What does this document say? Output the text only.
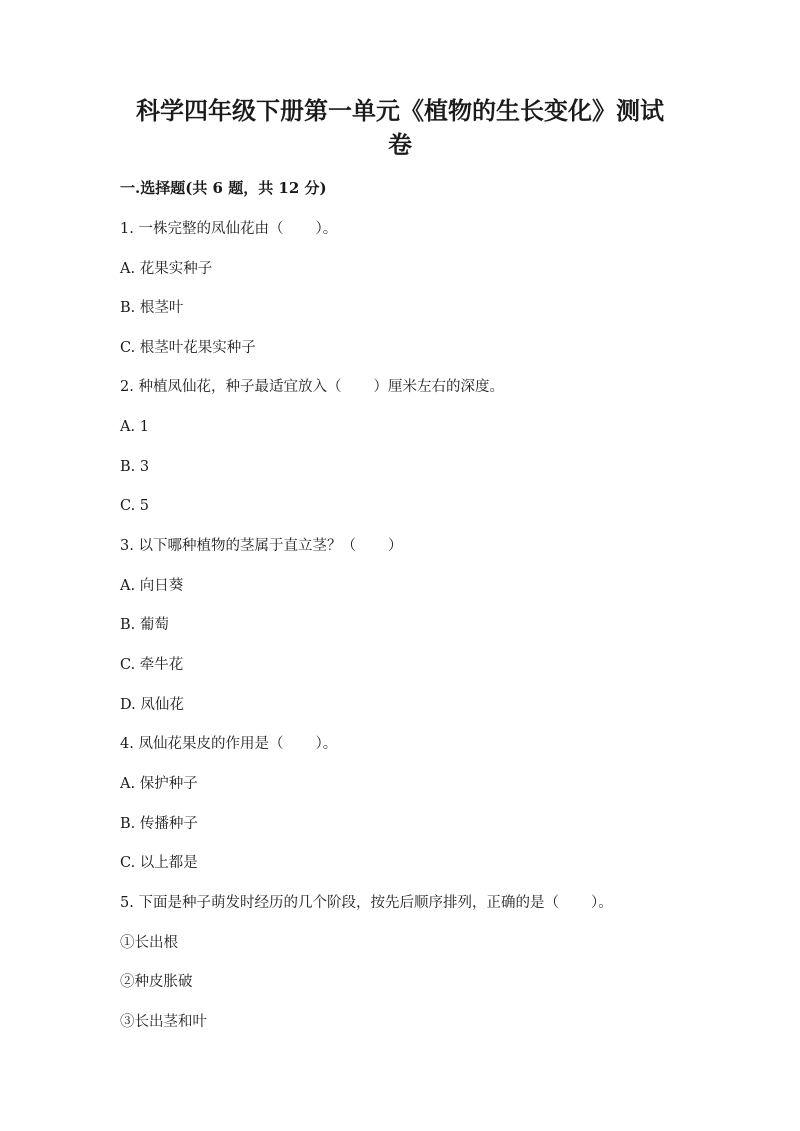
科学四年级下册第一单元《植物的生长变化》测试
卷
一.选择题(共 6 题，共 12 分)
1. 一株完整的凤仙花由（ ）。
A. 花果实种子
B. 根茎叶
C. 根茎叶花果实种子
2. 种植凤仙花，种子最适宜放入（ ）厘米左右的深度。
A. 1
B. 3
C. 5
3. 以下哪种植物的茎属于直立茎？（ ）
A. 向日葵
B. 葡萄
C. 牵牛花
D. 凤仙花
4. 凤仙花果皮的作用是（ ）。
A. 保护种子
B. 传播种子
C. 以上都是
5. 下面是种子萌发时经历的几个阶段，按先后顺序排列，正确的是（ ）。
①长出根
②种皮胀破
③长出茎和叶
